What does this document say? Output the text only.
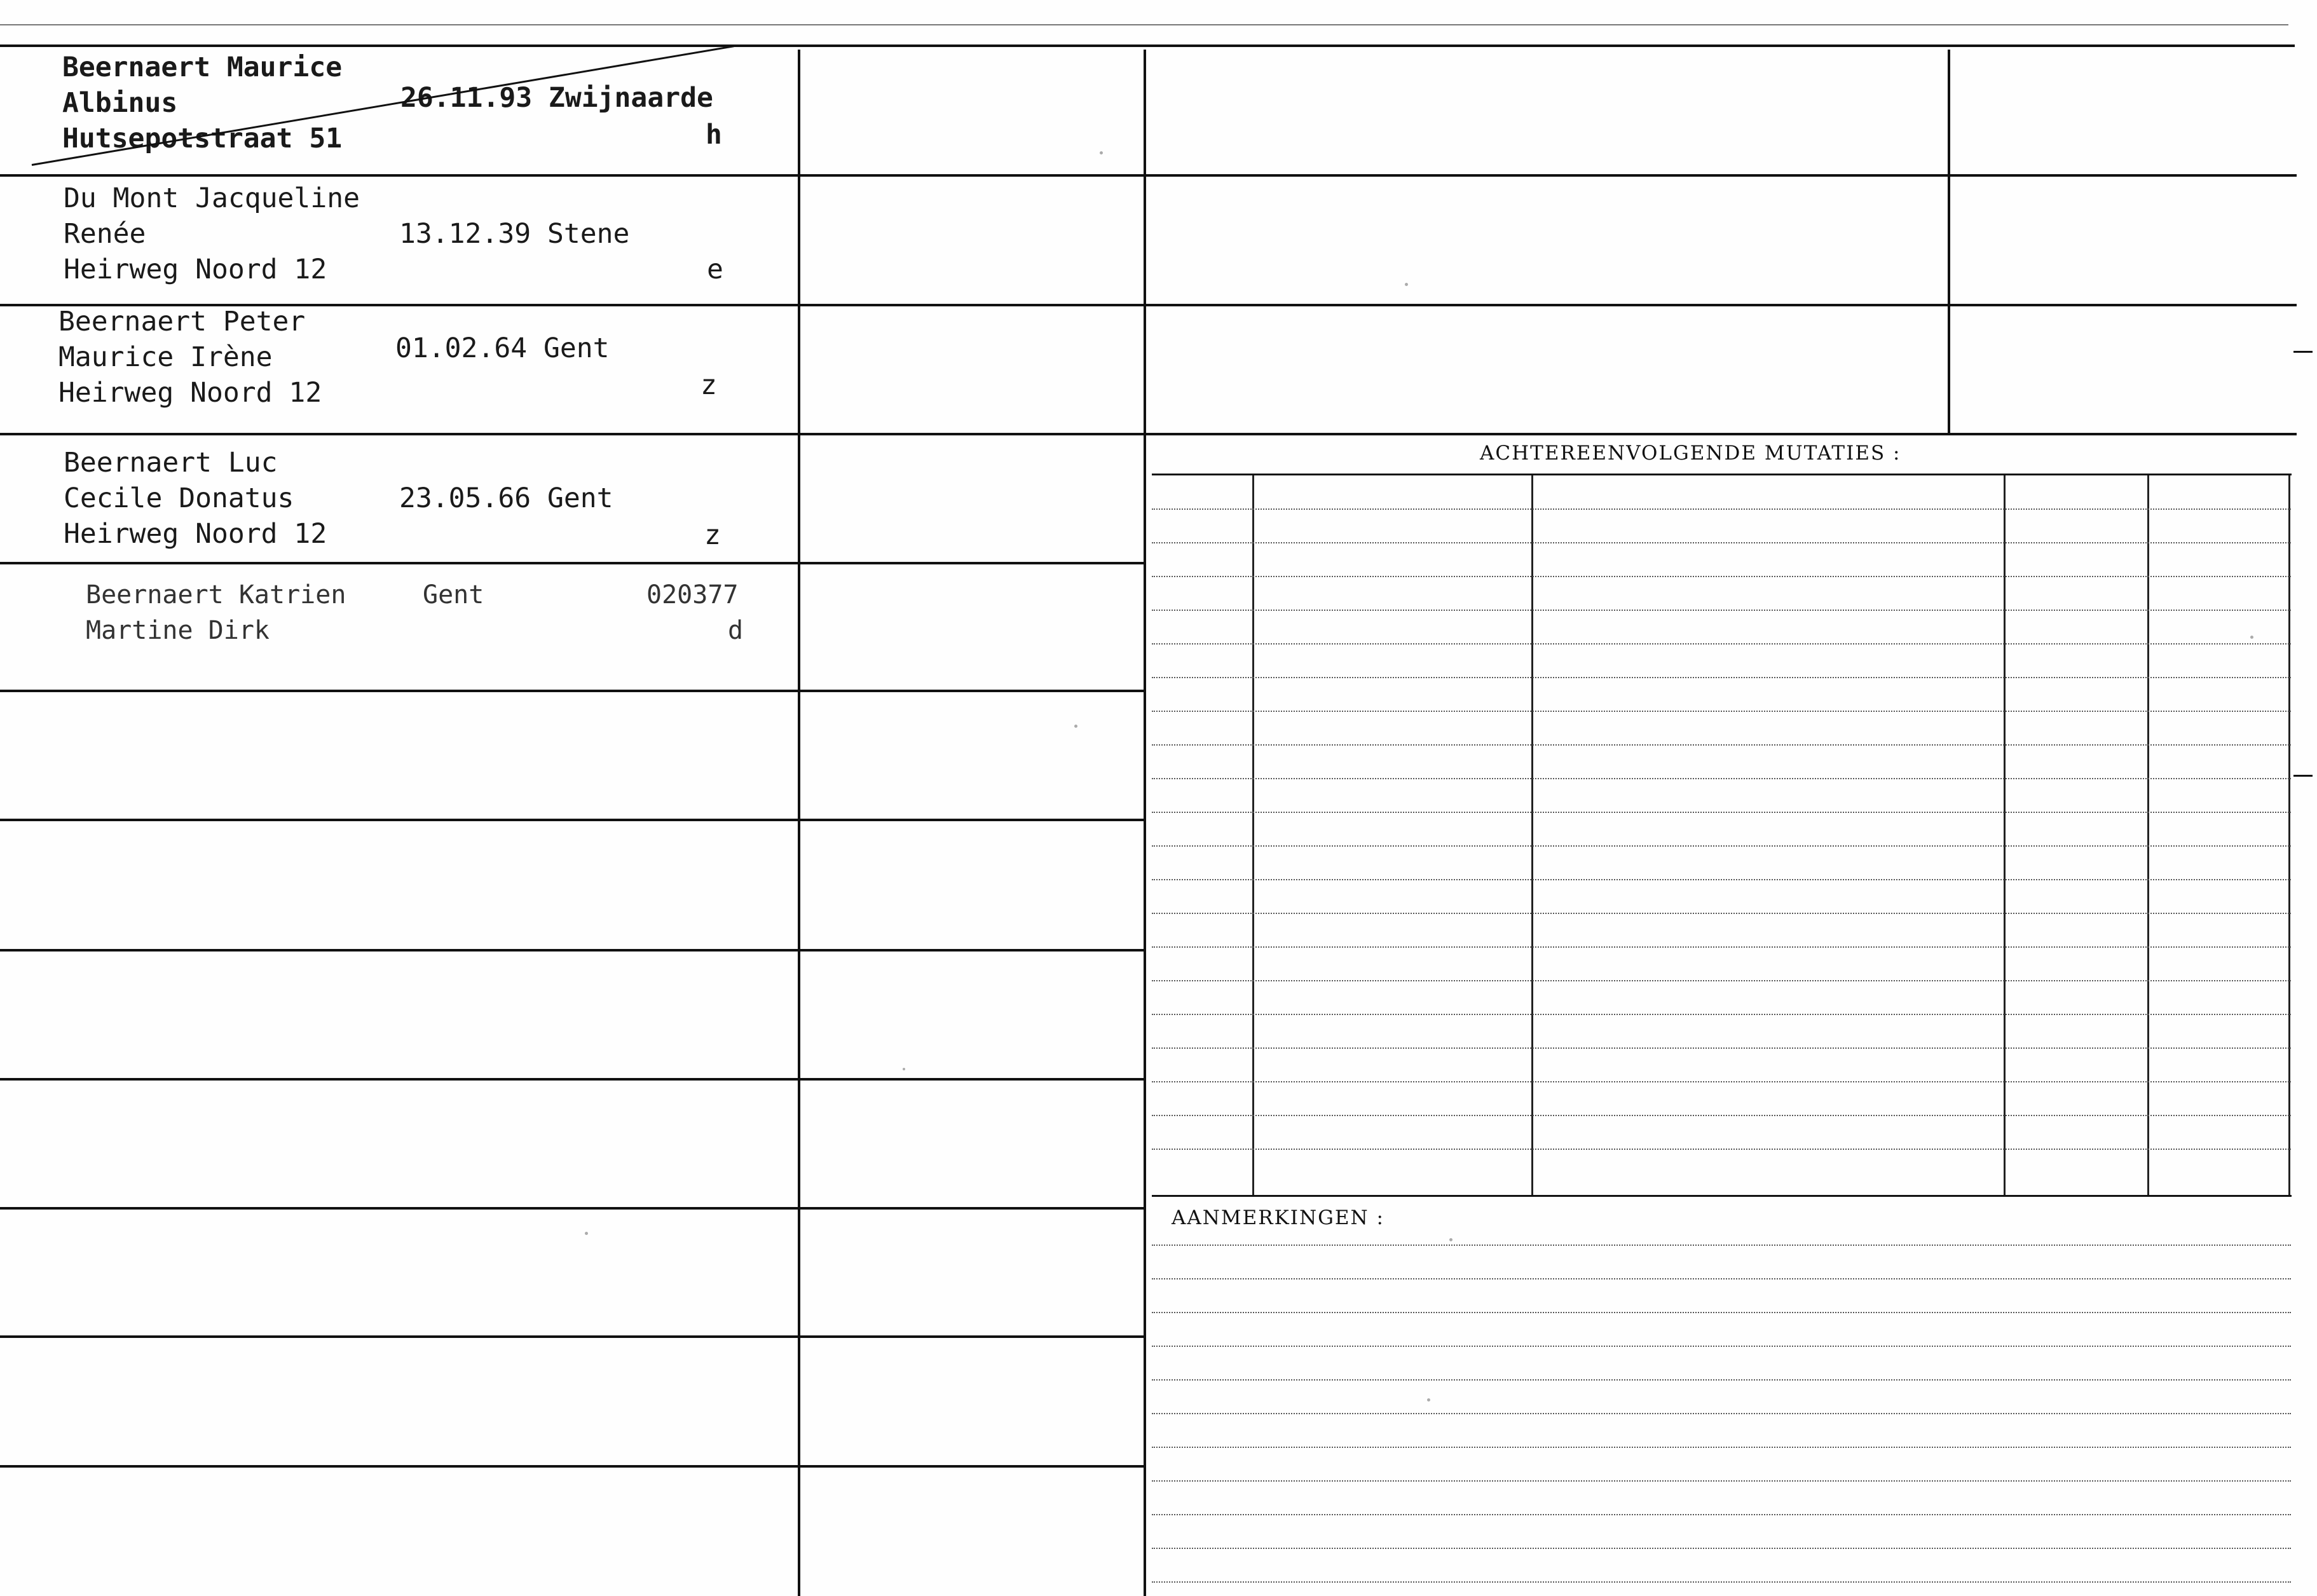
ACHTEREENVOLGENDE MUTATIES :
AANMERKINGEN :

Beernaert Maurice

Albinus

Hutsepotstraat 51

26.11.93 Zwijnaarde

h

Du Mont Jacqueline

Renée

Heirweg Noord 12

13.12.39 Stene

e

Beernaert Peter

Maurice Irène

Heirweg Noord 12

01.02.64 Gent

z

Beernaert Luc

Cecile Donatus

Heirweg Noord 12

23.05.66 Gent

z

Beernaert Katrien

Martine Dirk

Gent

	020377

d
